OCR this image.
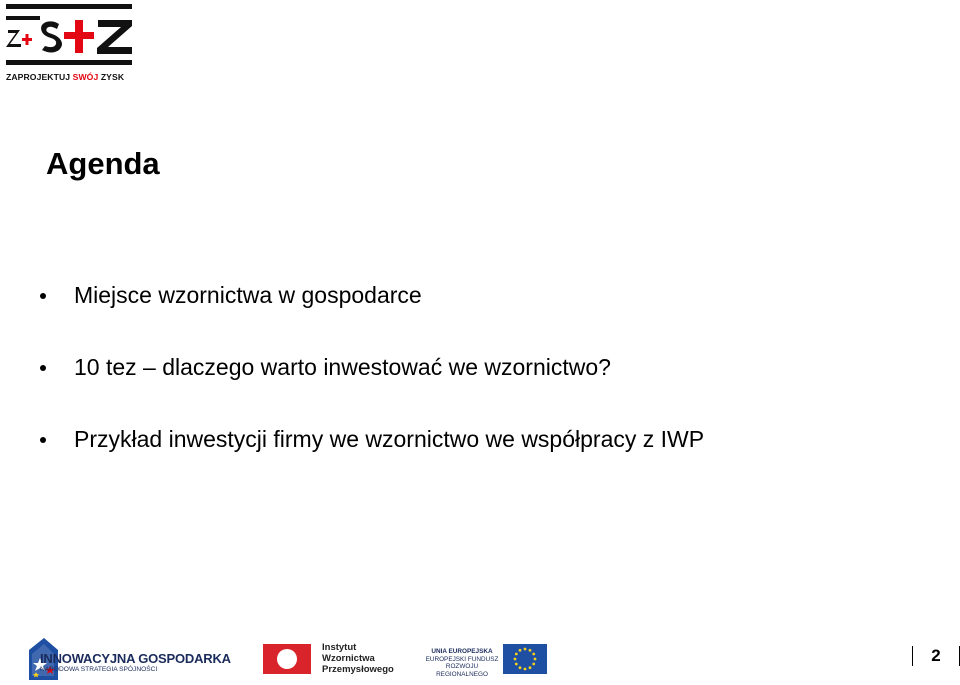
ZAPROJEKTUJ SWÓJ ZYSK
Agenda
Miejsce wzornictwa w gospodarce
10 tez – dlaczego warto inwestować we wzornictwo?
Przykład inwestycji firmy we wzornictwo we współpracy z IWP
INNOWACYJNA GOSPODARKA
NARODOWA STRATEGIA SPÓJNOŚCI
Instytut
Wzornictwa
Przemysłowego
UNIA EUROPEJSKA
EUROPEJSKI FUNDUSZ
ROZWOJU REGIONALNEGO
2
